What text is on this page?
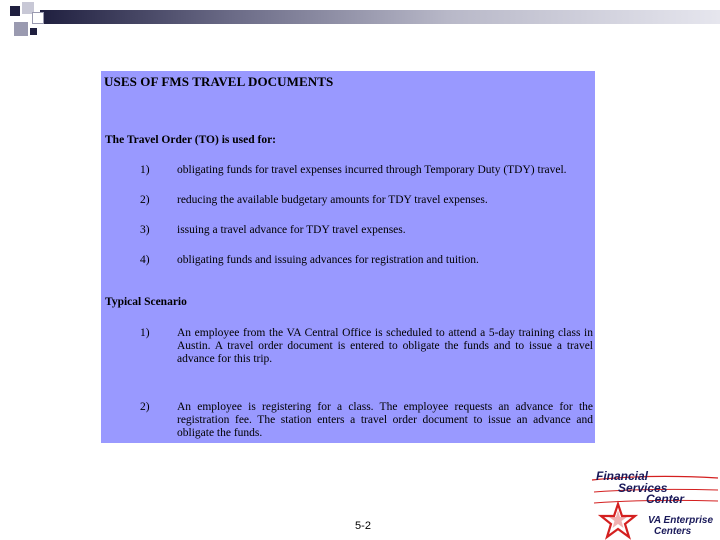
USES OF FMS TRAVEL DOCUMENTS
The Travel Order (TO) is used for:
1) obligating funds for travel expenses incurred through Temporary Duty (TDY) travel.
2) reducing the available budgetary amounts for TDY travel expenses.
3) issuing a travel advance for TDY travel expenses.
4) obligating funds and issuing advances for registration and tuition.
Typical Scenario
1) An employee from the VA Central Office is scheduled to attend a 5-day training class in Austin. A travel order document is entered to obligate the funds and to issue a travel advance for this trip.
2) An employee is registering for a class. The employee requests an advance for the registration fee. The station enters a travel order document to issue an advance and obligate the funds.
5-2
Financial
Services
Center
VA Enterprise
Centers
